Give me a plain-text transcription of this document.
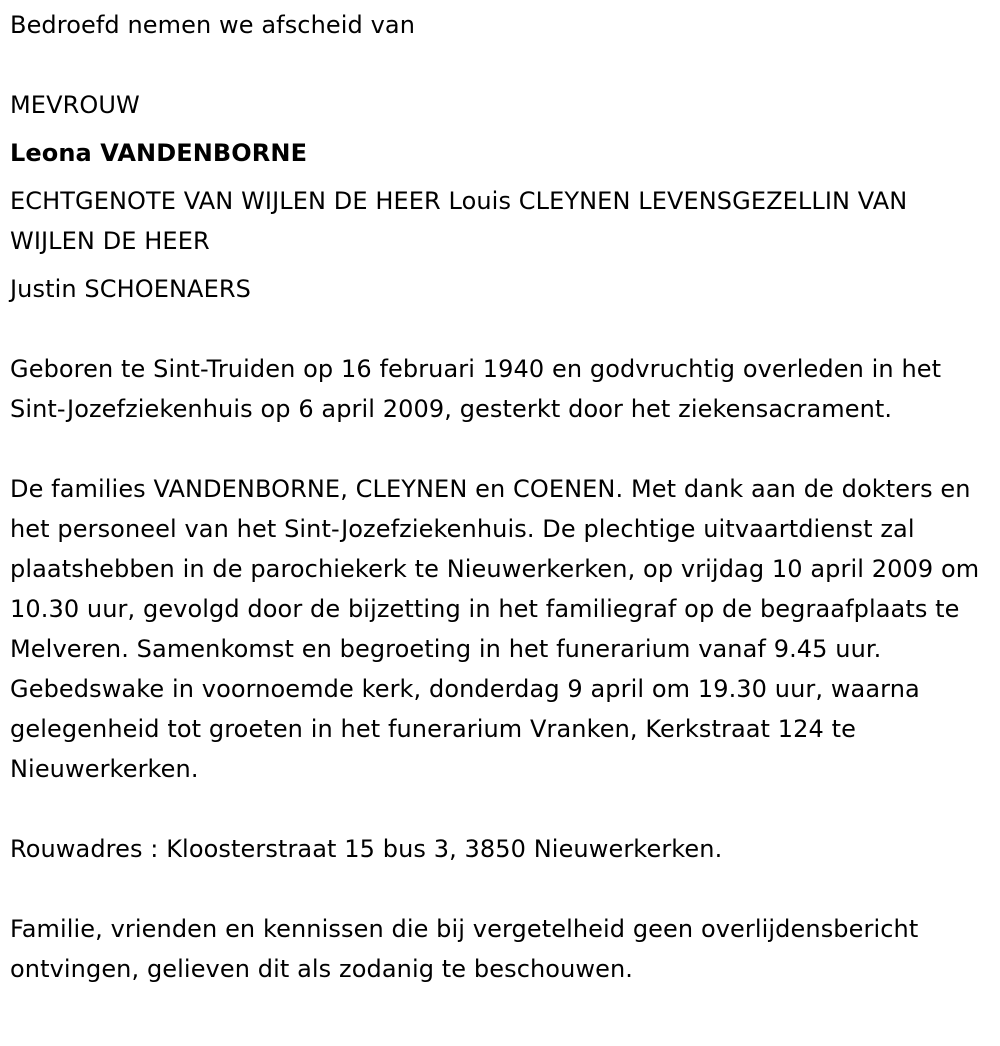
Bedroefd nemen we afscheid van

MEVROUW

Leona VANDENBORNE

ECHTGENOTE VAN WIJLEN DE HEER Louis CLEYNEN LEVENSGEZELLIN VAN WIJLEN DE HEER

Justin SCHOENAERS

Geboren te Sint-Truiden op 16 februari 1940 en godvruchtig overleden in het Sint-Jozefziekenhuis op 6 april 2009, gesterkt door het ziekensacrament.

De families VANDENBORNE, CLEYNEN en COENEN. Met dank aan de dokters en het personeel van het Sint-Jozefziekenhuis. De plechtige uitvaartdienst zal plaatshebben in de parochiekerk te Nieuwerkerken, op vrijdag 10 april 2009 om 10.30 uur, gevolgd door de bijzetting in het familiegraf op de begraafplaats te Melveren. Samenkomst en begroeting in het funerarium vanaf 9.45 uur. Gebedswake in voornoemde kerk, donderdag 9 april om 19.30 uur, waarna gelegenheid tot groeten in het funerarium Vranken, Kerkstraat 124 te Nieuwerkerken.

Rouwadres : Kloosterstraat 15 bus 3, 3850 Nieuwerkerken.

Familie, vrienden en kennissen die bij vergetelheid geen overlijdensbericht ontvingen, gelieven dit als zodanig te beschouwen.
